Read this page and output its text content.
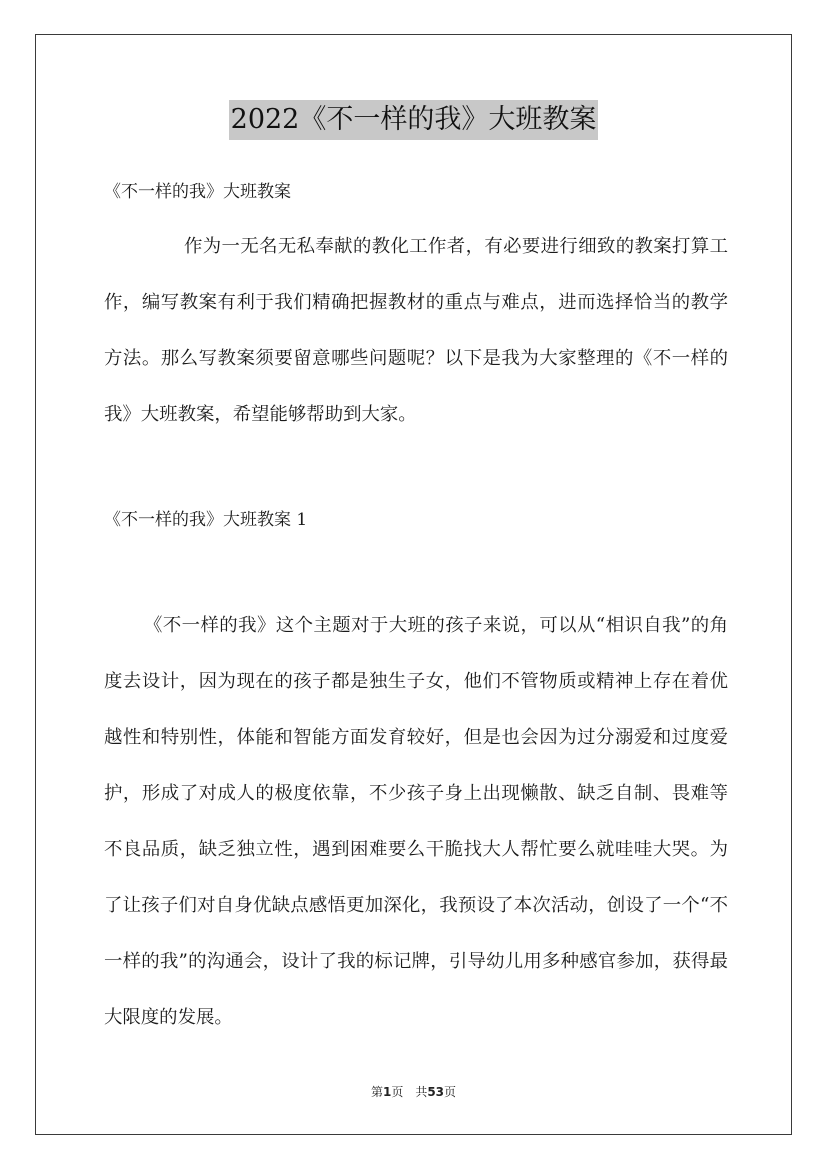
2022《不一样的我》大班教案
《不一样的我》大班教案
作为一无名无私奉献的教化工作者，有必要进行细致的教案打算工作，编写教案有利于我们精确把握教材的重点与难点，进而选择恰当的教学方法。那么写教案须要留意哪些问题呢？以下是我为大家整理的《不一样的我》大班教案，希望能够帮助到大家。
《不一样的我》大班教案 1
《不一样的我》这个主题对于大班的孩子来说，可以从“相识自我”的角度去设计，因为现在的孩子都是独生子女，他们不管物质或精神上存在着优越性和特别性，体能和智能方面发育较好，但是也会因为过分溺爱和过度爱护，形成了对成人的极度依靠，不少孩子身上出现懒散、缺乏自制、畏难等不良品质，缺乏独立性，遇到困难要么干脆找大人帮忙要么就哇哇大哭。为了让孩子们对自身优缺点感悟更加深化，我预设了本次活动，创设了一个“不一样的我”的沟通会，设计了我的标记牌，引导幼儿用多种感官参加，获得最大限度的发展。
第1页　共53页
